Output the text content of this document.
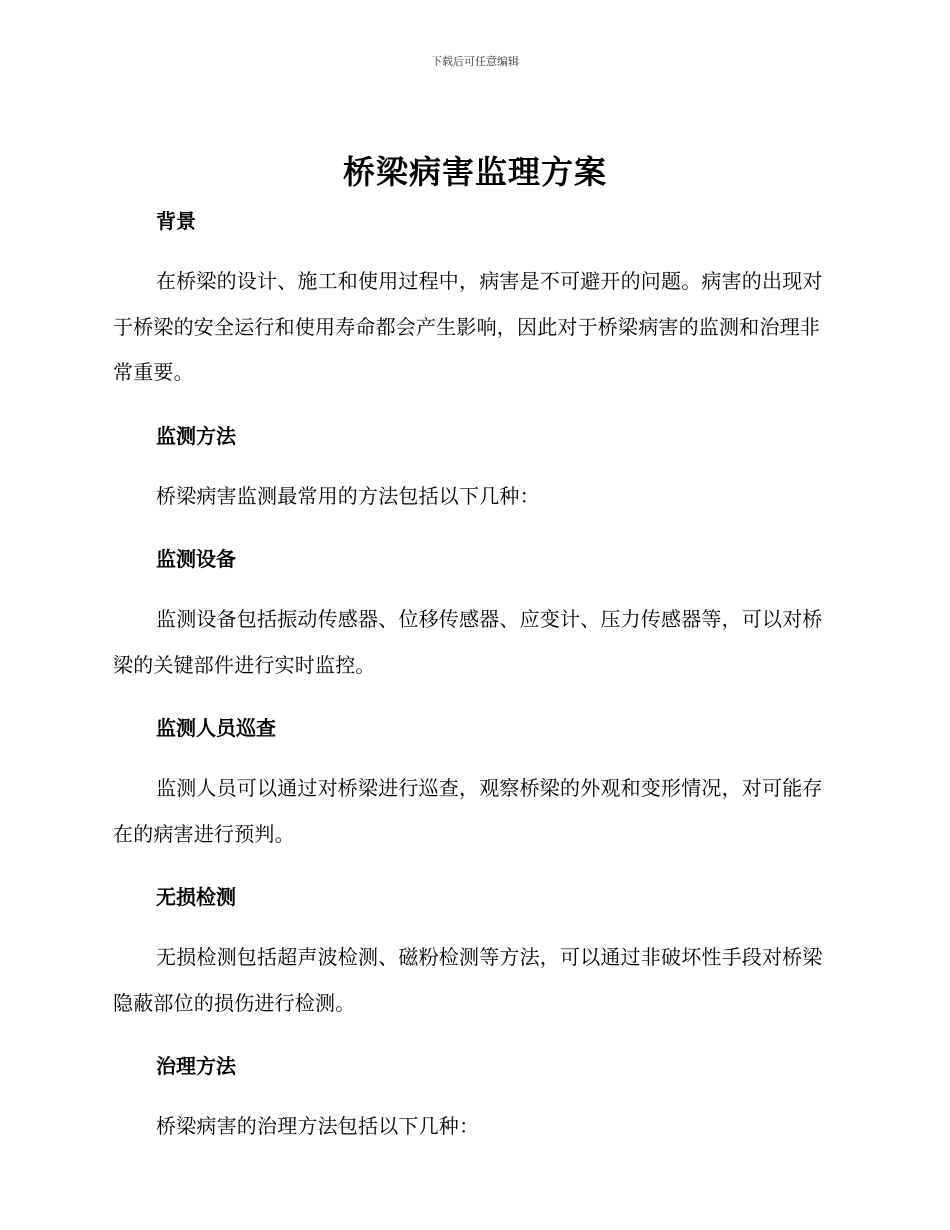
下载后可任意编辑
桥梁病害监理方案

背景

在桥梁的设计、施工和使用过程中，病害是不可避开的问题。病害的出现对于桥梁的安全运行和使用寿命都会产生影响，因此对于桥梁病害的监测和治理非常重要。

监测方法

桥梁病害监测最常用的方法包括以下几种：

监测设备

监测设备包括振动传感器、位移传感器、应变计、压力传感器等，可以对桥梁的关键部件进行实时监控。

监测人员巡查

监测人员可以通过对桥梁进行巡查，观察桥梁的外观和变形情况，对可能存在的病害进行预判。

无损检测

无损检测包括超声波检测、磁粉检测等方法，可以通过非破坏性手段对桥梁隐蔽部位的损伤进行检测。

治理方法

桥梁病害的治理方法包括以下几种：
